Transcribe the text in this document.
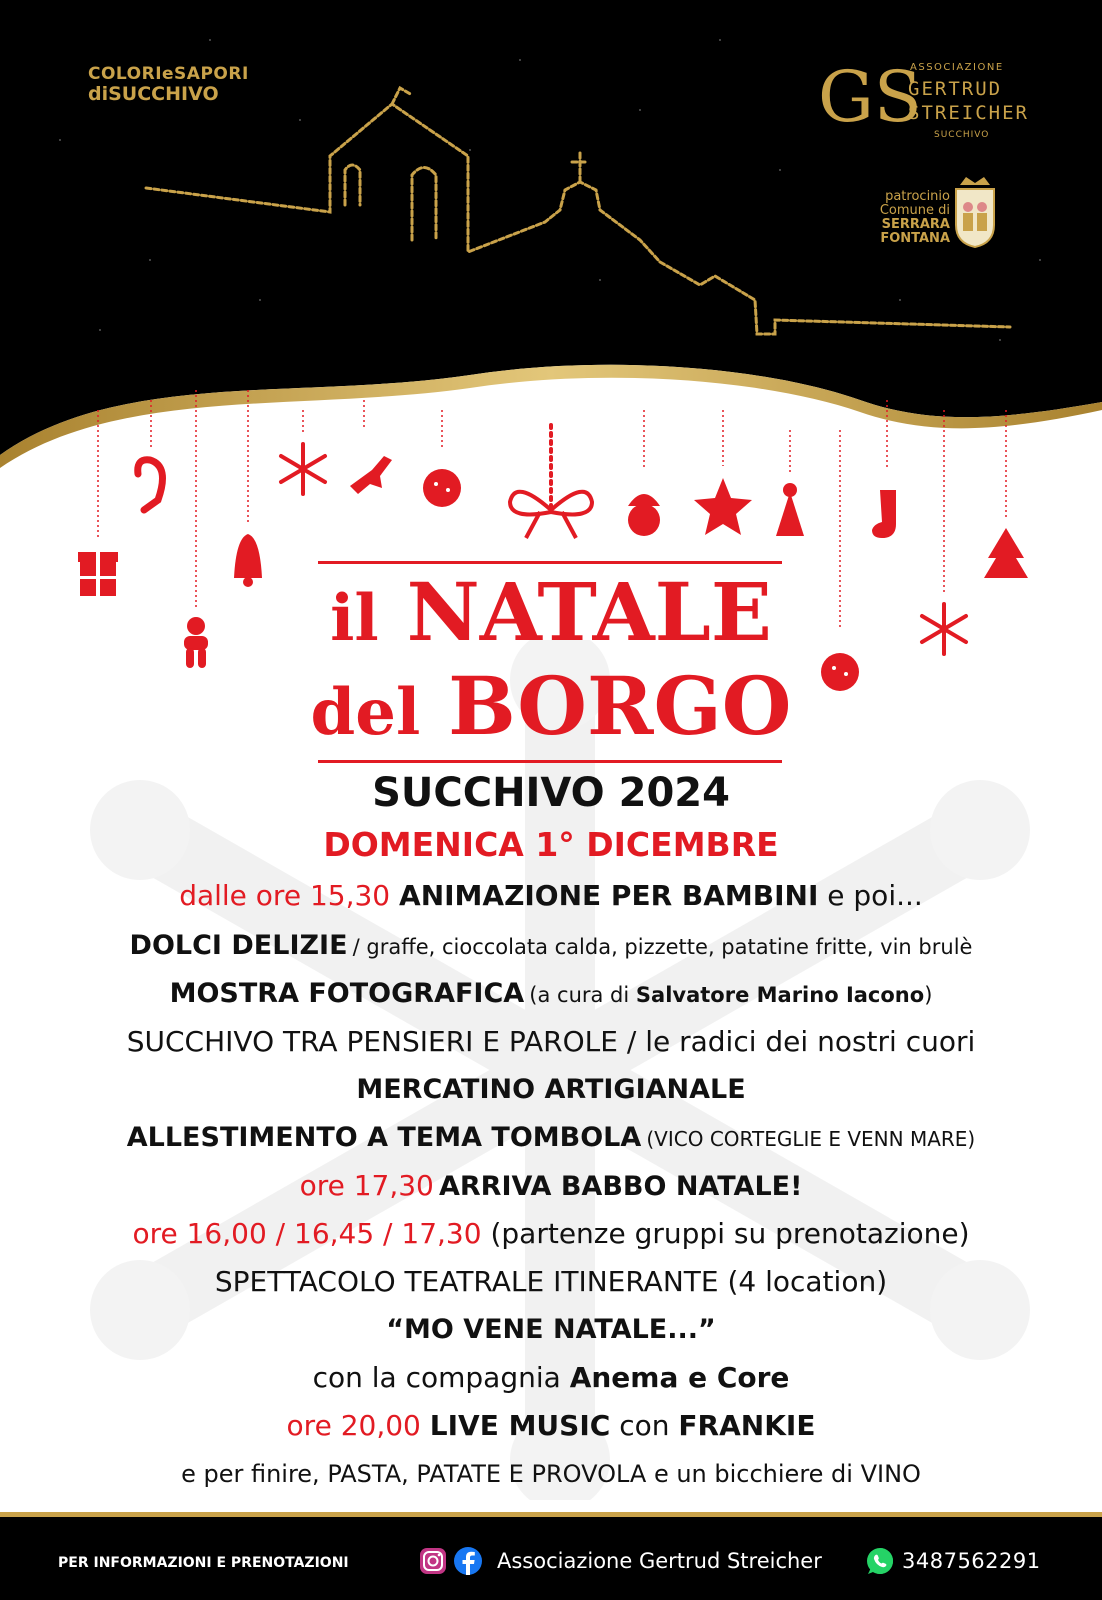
COLORIeSAPORI
diSUCCHIVO	GS
ASSOCIAZIONE
GERTRUD
STREICHER
SUCCHIVO
patrocinio
Comune di
SERRARA
FONTANA
il NATALE
del BORGO
SUCCHIVO 2024
DOMENICA 1° DICEMBRE
dalle ore 15,30 ANIMAZIONE PER BAMBINI e poi...
DOLCI DELIZIE / graffe, cioccolata calda, pizzette, patatine fritte, vin brulè
MOSTRA FOTOGRAFICA (a cura di Salvatore Marino Iacono)
SUCCHIVO TRA PENSIERI E PAROLE / le radici dei nostri cuori
MERCATINO ARTIGIANALE
ALLESTIMENTO A TEMA TOMBOLA (VICO CORTEGLIE E VENN MARE)
ore 17,30 ARRIVA BABBO NATALE!
ore 16,00 / 16,45 / 17,30 (partenze gruppi su prenotazione)
SPETTACOLO TEATRALE ITINERANTE (4 location)
“MO VENE NATALE...”
con la compagnia Anema e Core
ore 20,00 LIVE MUSIC con FRANKIE
e per finire, PASTA, PATATE E PROVOLA e un bicchiere di VINO
PER INFORMAZIONI E PRENOTAZIONI	Associazione Gertrud Streicher	3487562291
